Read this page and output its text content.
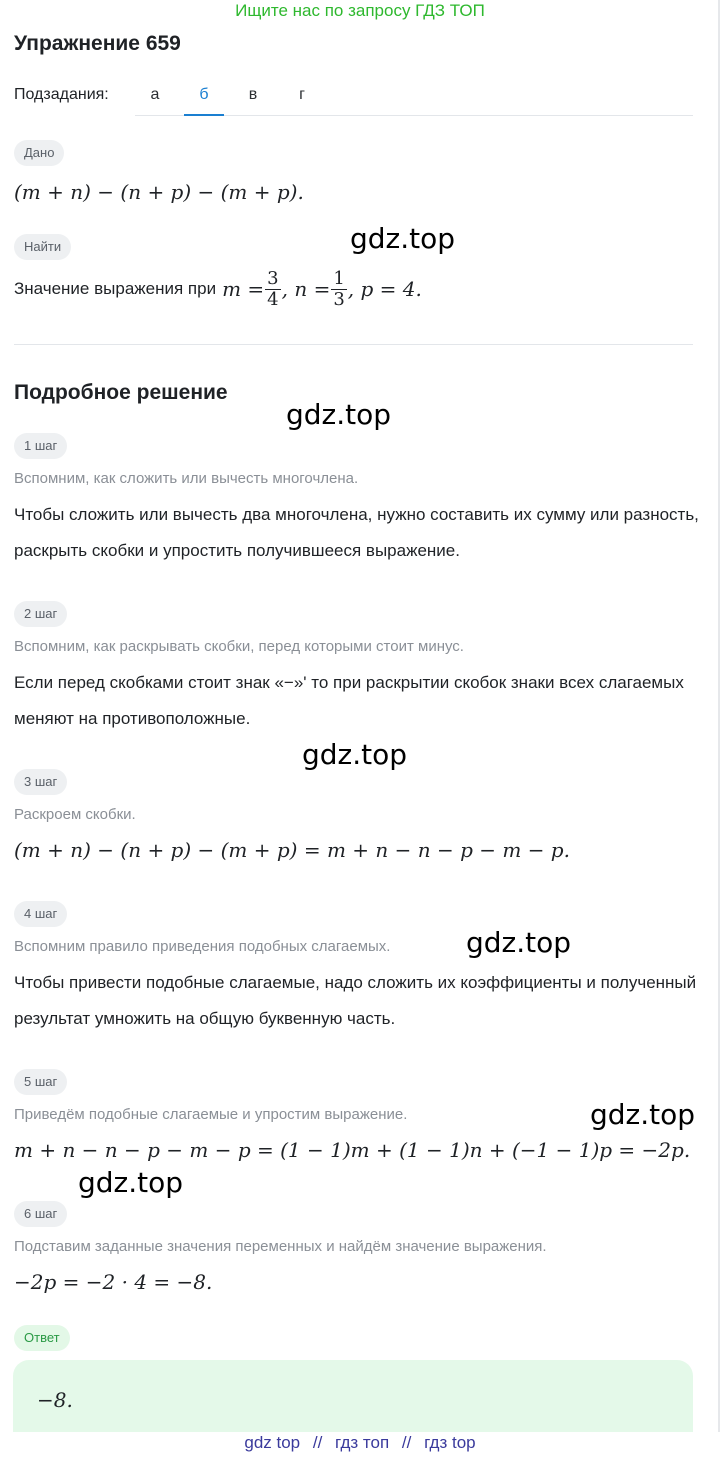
Ищите нас по запросу ГДЗ ТОП
Упражнение 659
Подзадания:	а	б	в	г
Дано
(m + n) − (n + p) − (m + p).
Найти
Значение выражения при $m = \frac{3}{4}$ , $n = \frac{1}{3}$ , p = 4.
Подробное решение
1 шаг
Вспомним, как сложить или вычесть многочлена.
Чтобы сложить или вычесть два многочлена, нужно составить их сумму или разность, раскрыть скобки и упростить получившееся выражение.
2 шаг
Вспомним, как раскрывать скобки, перед которыми стоит минус.
Если перед скобками стоит знак «−»' то при раскрытии скобок знаки всех слагаемых меняют на противоположные.
3 шаг
Раскроем скобки.
(m + n) − (n + p) − (m + p) = m + n − n − p − m − p.
4 шаг
Вспомним правило приведения подобных слагаемых.
Чтобы привести подобные слагаемые, надо сложить их коэффициенты и полученный результат умножить на общую буквенную часть.
5 шаг
Приведём подобные слагаемые и упростим выражение.
m + n − n − p − m − p = (1 − 1)m + (1 − 1)n + (−1 − 1)p = −2p.
6 шаг
Подставим заданные значения переменных и найдём значение выражения.
−2p = −2 · 4 = −8.
Ответ
−8.
gdz.top
gdz.top
gdz.top
gdz.top
gdz.top
gdz.top
gdz top // гдз топ // гдз top
